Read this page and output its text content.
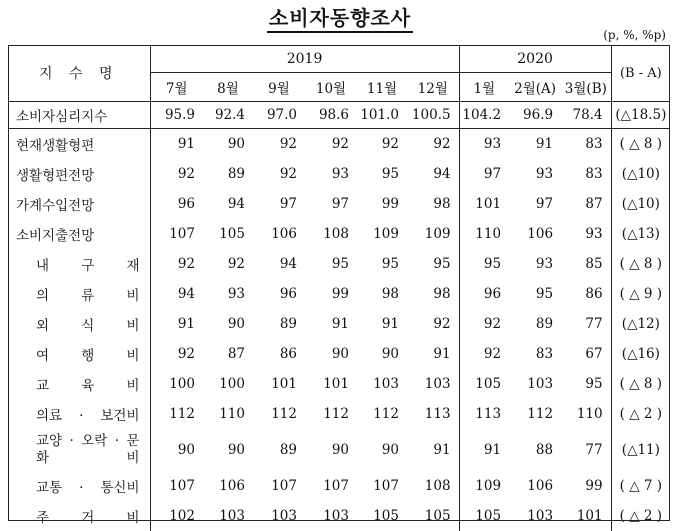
소비자동향조사
(p, %, %p)
지 수 명	2019						2020			(B - A)
	7월	8월	9월	10월	11월	12월	1월	2월(A)	3월(B)	
소비자심리지수	95.9	92.4	97.0	98.6	101.0	100.5	104.2	96.9	78.4	(△18.5)
현재생활형편	91	90	92	92	92	92	93	91	83	( △ 8 )
생활형편전망	92	89	92	93	95	94	97	93	83	(△10)
가계수입전망	96	94	97	97	99	98	101	97	87	(△10)
소비지출전망	107	105	106	108	109	109	110	106	93	(△13)
내 구 재	92	92	94	95	95	95	95	93	85	( △ 8 )
의 류 비	94	93	96	99	98	98	96	95	86	( △ 9 )
외 식 비	91	90	89	91	91	92	92	89	77	(△12)
여 행 비	92	87	86	90	90	91	92	83	67	(△16)
교 육 비	100	100	101	101	103	103	105	103	95	( △ 8 )
의료 · 보건비	112	110	112	112	112	113	113	112	110	( △ 2 )
교양 · 오락 · 문 화 비	90	90	89	90	90	91	91	88	77	(△11)
교통 · 통신비	107	106	107	107	107	108	109	106	99	( △ 7 )
주 거 비	102	103	103	103	105	105	105	103	101	( △ 2 )
